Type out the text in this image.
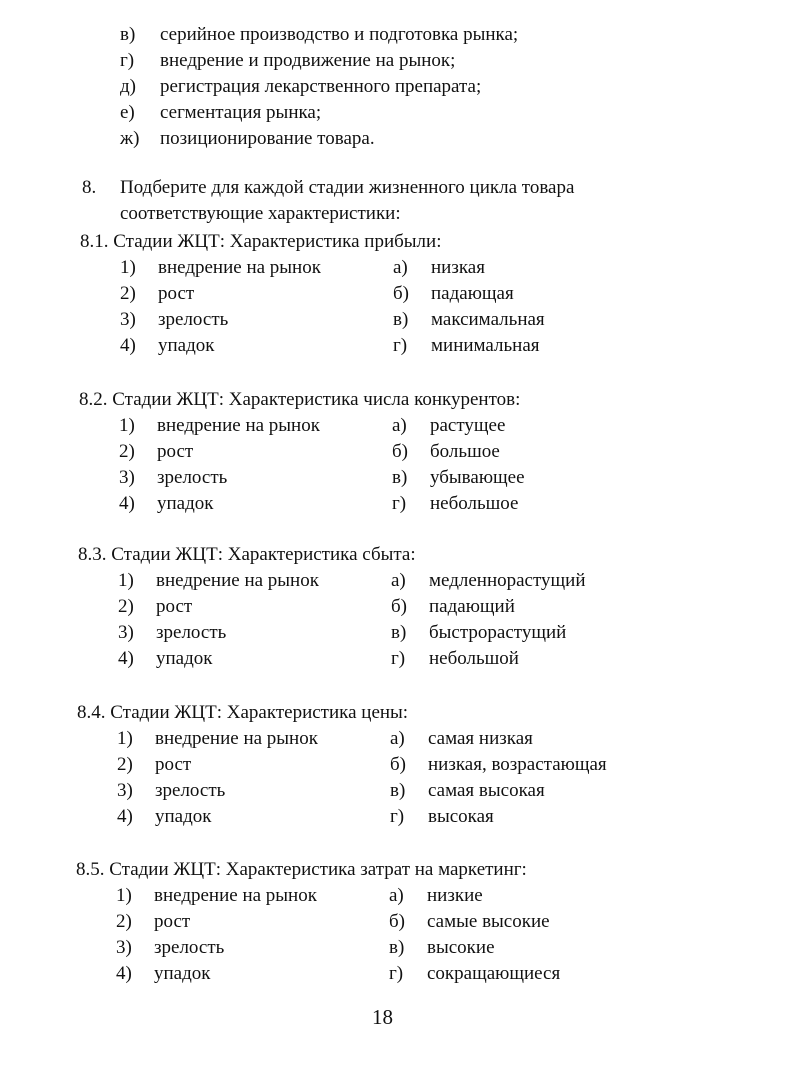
в)	серийное производство и подготовка рынка;
г)	внедрение и продвижение на рынок;
д)	регистрация лекарственного препарата;
е)	сегментация рынка;
ж)	позиционирование товара.
8. Подберите для каждой стадии жизненного цикла товара соответствующие характеристики:
8.1. Стадии ЖЦТ: Характеристика прибыли:
1)	внедрение на рынок	а)	низкая
2)	рост	б)	падающая
3)	зрелость	в)	максимальная
4)	упадок	г)	минимальная
8.2. Стадии ЖЦТ: Характеристика числа конкурентов:
1)	внедрение на рынок	а)	растущее
2)	рост	б)	большое
3)	зрелость	в)	убывающее
4)	упадок	г)	небольшое
8.3. Стадии ЖЦТ: Характеристика сбыта:
1)	внедрение на рынок	а)	медленнорастущий
2)	рост	б)	падающий
3)	зрелость	в)	быстрорастущий
4)	упадок	г)	небольшой
8.4. Стадии ЖЦТ: Характеристика цены:
1)	внедрение на рынок	а)	самая низкая
2)	рост	б)	низкая, возрастающая
3)	зрелость	в)	самая высокая
4)	упадок	г)	высокая
8.5. Стадии ЖЦТ: Характеристика затрат на маркетинг:
1)	внедрение на рынок	а)	низкие
2)	рост	б)	самые высокие
3)	зрелость	в)	высокие
4)	упадок	г)	сокращающиеся
18
